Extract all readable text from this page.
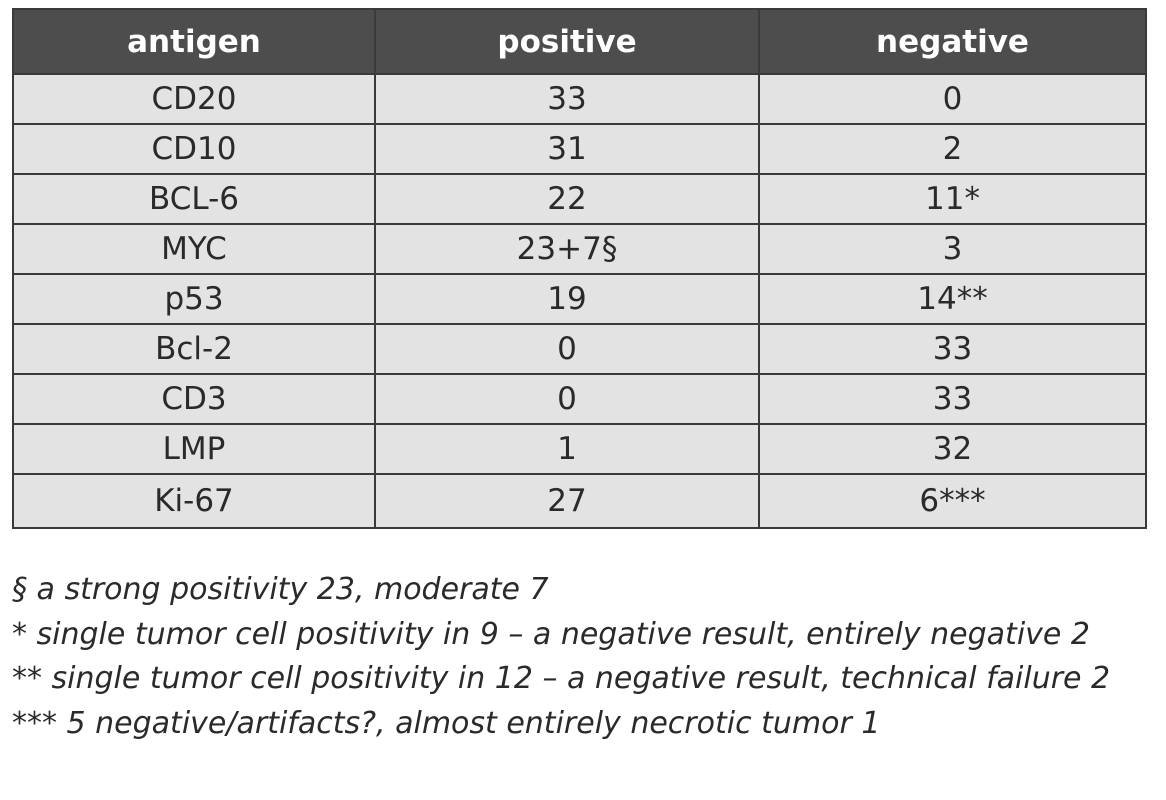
antigen	positive	negative
CD20	33	0
CD10	31	2
BCL-6	22	11*
MYC	23+7§	3
p53	19	14**
Bcl-2	0	33
CD3	0	33
LMP	1	32
Ki-67	27	6***
§ a strong positivity 23, moderate 7
* single tumor cell positivity in 9 – a negative result, entirely negative 2
** single tumor cell positivity in 12 – a negative result, technical failure 2
*** 5 negative/artifacts?, almost entirely necrotic tumor 1
